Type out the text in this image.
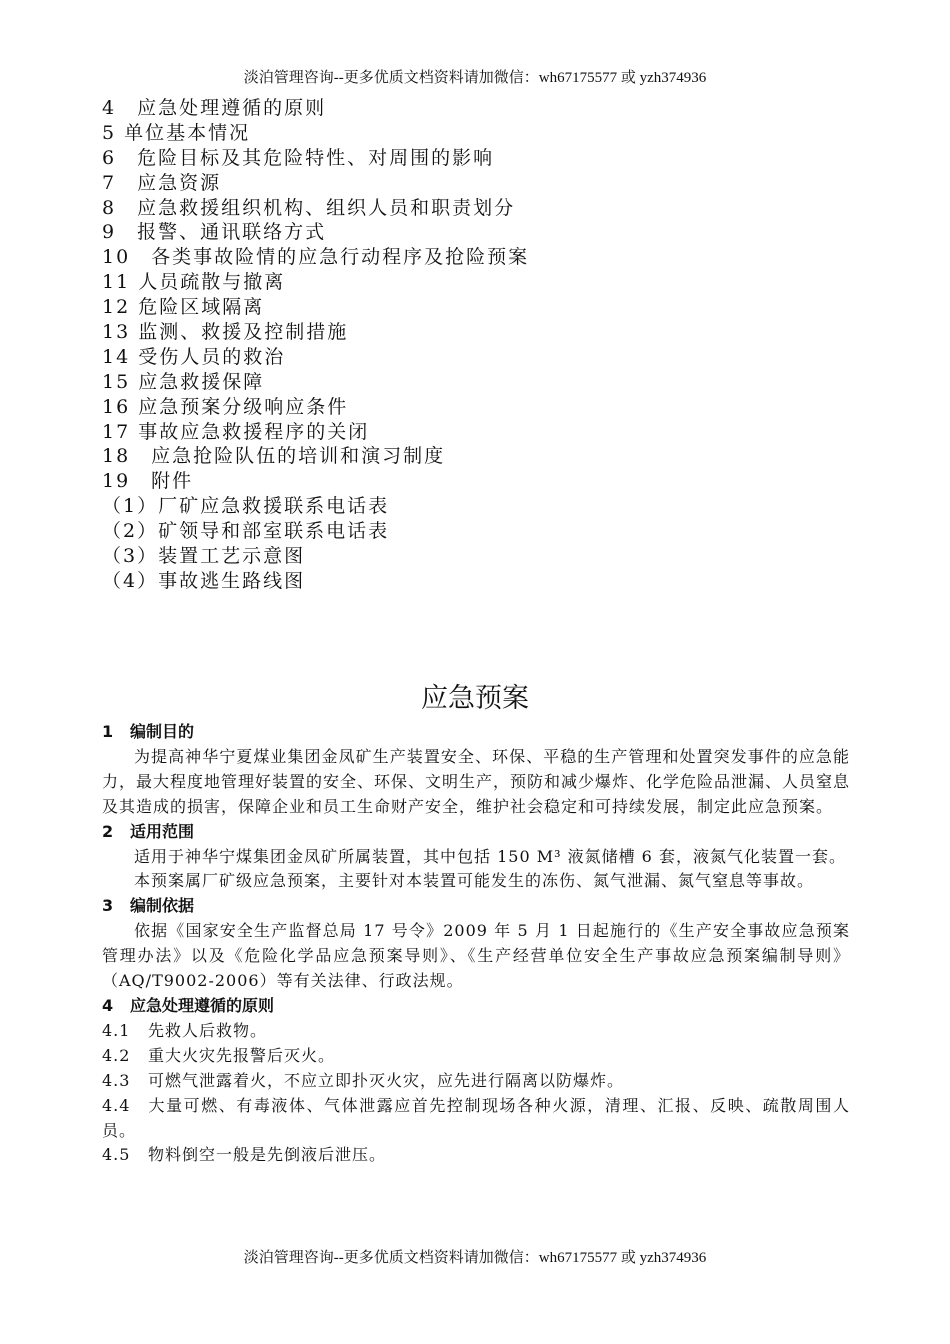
淡泊管理咨询--更多优质文档资料请加微信：wh67175577 或 yzh374936
4　应急处理遵循的原则
5 单位基本情况
6　危险目标及其危险特性、对周围的影响
7　应急资源
8　应急救援组织机构、组织人员和职责划分
9　报警、通讯联络方式
10　各类事故险情的应急行动程序及抢险预案
11 人员疏散与撤离
12 危险区域隔离
13 监测、救援及控制措施
14 受伤人员的救治
15 应急救援保障
16 应急预案分级响应条件
17 事故应急救援程序的关闭
18　应急抢险队伍的培训和演习制度
19　附件
（1）厂矿应急救援联系电话表
（2）矿领导和部室联系电话表
（3）装置工艺示意图
（4）事故逃生路线图
应急预案
1 编制目的

为提高神华宁夏煤业集团金凤矿生产装置安全、环保、平稳的生产管理和处置突发事件的应急能力，最大程度地管理好装置的安全、环保、文明生产，预防和减少爆炸、化学危险品泄漏、人员窒息及其造成的损害，保障企业和员工生命财产安全，维护社会稳定和可持续发展，制定此应急预案。

2 适用范围

适用于神华宁煤集团金凤矿所属装置，其中包括 150 M³ 液氮储槽 6 套，液氮气化装置一套。

本预案属厂矿级应急预案，主要针对本装置可能发生的冻伤、氮气泄漏、氮气窒息等事故。

3 编制依据

依据《国家安全生产监督总局 17 号令》2009 年 5 月 1 日起施行的《生产安全事故应急预案管理办法》以及《危险化学品应急预案导则》、《生产经营单位安全生产事故应急预案编制导则》（AQ/T9002-2006）等有关法律、行政法规。

4 应急处理遵循的原则
4.1 先救人后救物。
4.2 重大火灾先报警后灭火。
4.3 可燃气泄露着火，不应立即扑灭火灾，应先进行隔离以防爆炸。
4.4 大量可燃、有毒液体、气体泄露应首先控制现场各种火源，清理、汇报、反映、疏散周围人员。
4.5 物料倒空一般是先倒液后泄压。
淡泊管理咨询--更多优质文档资料请加微信：wh67175577 或 yzh374936
